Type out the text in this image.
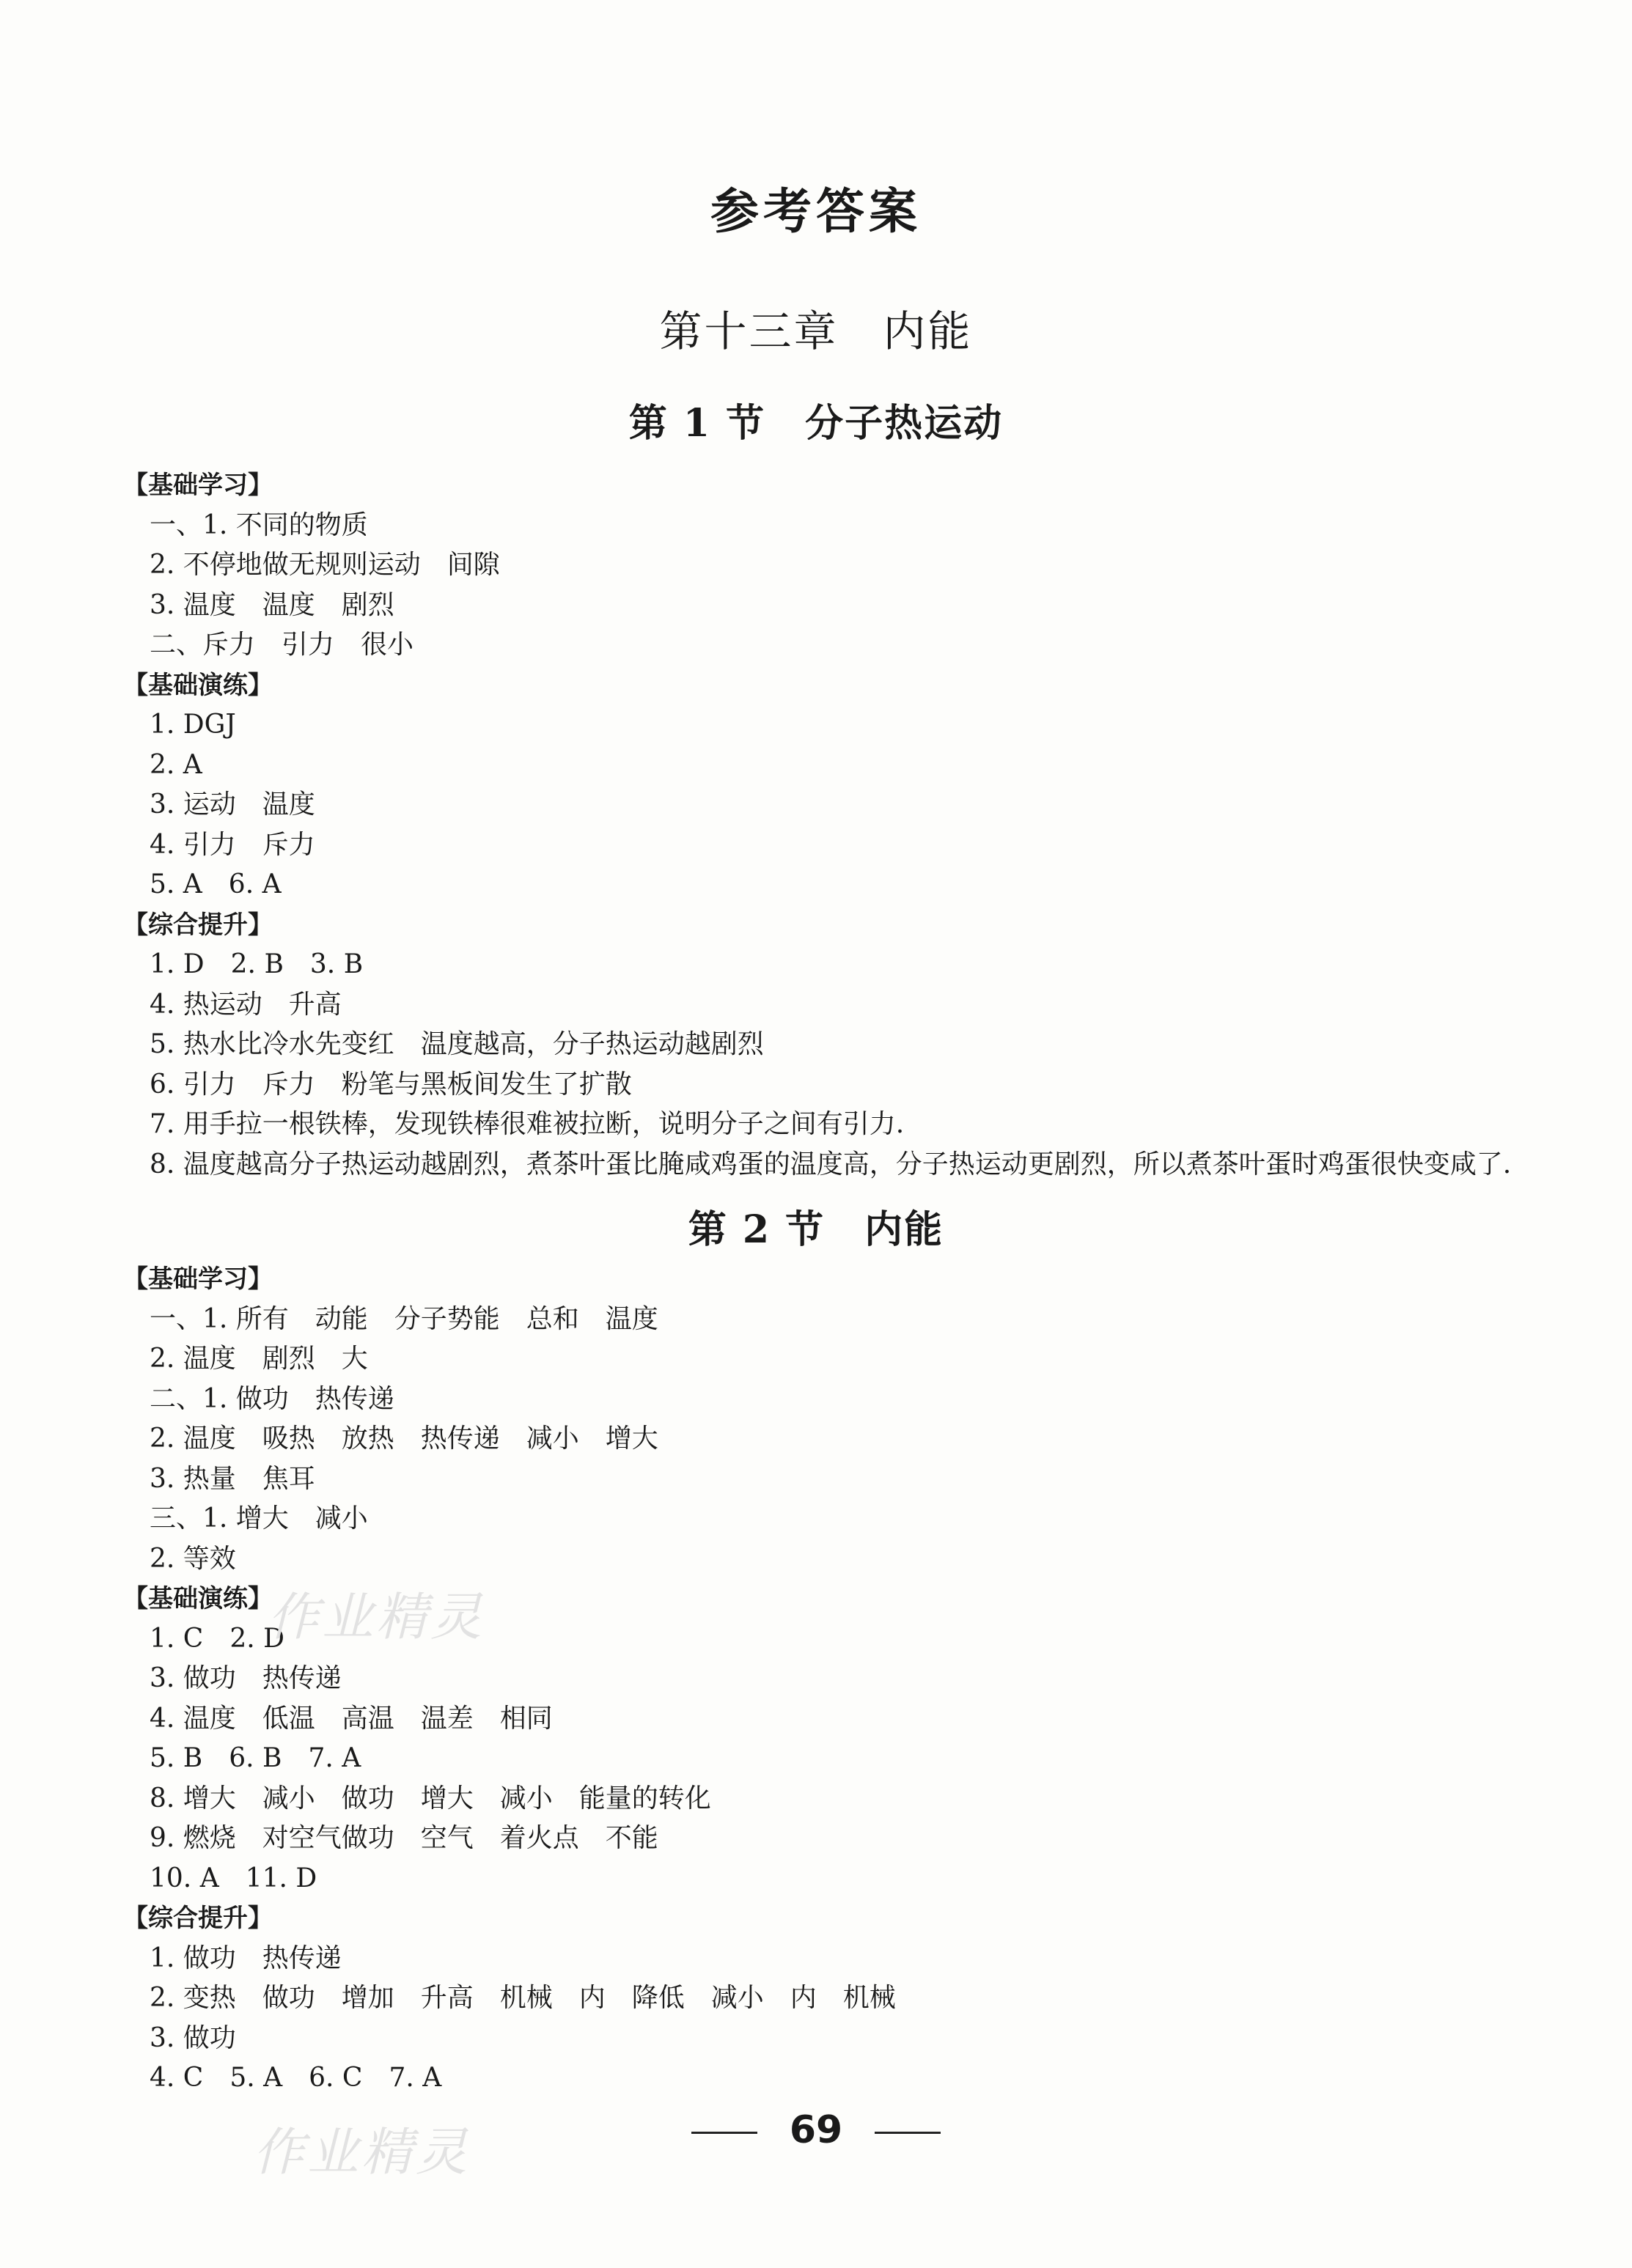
参考答案
第十三章　内能
第 1 节　分子热运动
【基础学习】
一、1. 不同的物质
2. 不停地做无规则运动　间隙
3. 温度　温度　剧烈
二、斥力　引力　很小
【基础演练】
1. DGJ
2. A
3. 运动　温度
4. 引力　斥力
5. A　6. A
【综合提升】
1. D　2. B　3. B
4. 热运动　升高
5. 热水比冷水先变红　温度越高，分子热运动越剧烈
6. 引力　斥力　粉笔与黑板间发生了扩散
7. 用手拉一根铁棒，发现铁棒很难被拉断，说明分子之间有引力.
8. 温度越高分子热运动越剧烈，煮茶叶蛋比腌咸鸡蛋的温度高，分子热运动更剧烈，所以煮茶叶蛋时鸡蛋很快变咸了.
第 2 节　内能
【基础学习】
一、1. 所有　动能　分子势能　总和　温度
2. 温度　剧烈　大
二、1. 做功　热传递
2. 温度　吸热　放热　热传递　减小　增大
3. 热量　焦耳
三、1. 增大　减小
2. 等效
【基础演练】
1. C　2. D
3. 做功　热传递
4. 温度　低温　高温　温差　相同
5. B　6. B　7. A
8. 增大　减小　做功　增大　减小　能量的转化
9. 燃烧　对空气做功　空气　着火点　不能
10. A　11. D
【综合提升】
1. 做功　热传递
2. 变热　做功　增加　升高　机械　内　降低　减小　内　机械
3. 做功
4. C　5. A　6. C　7. A
作业精灵
作业精灵	69
